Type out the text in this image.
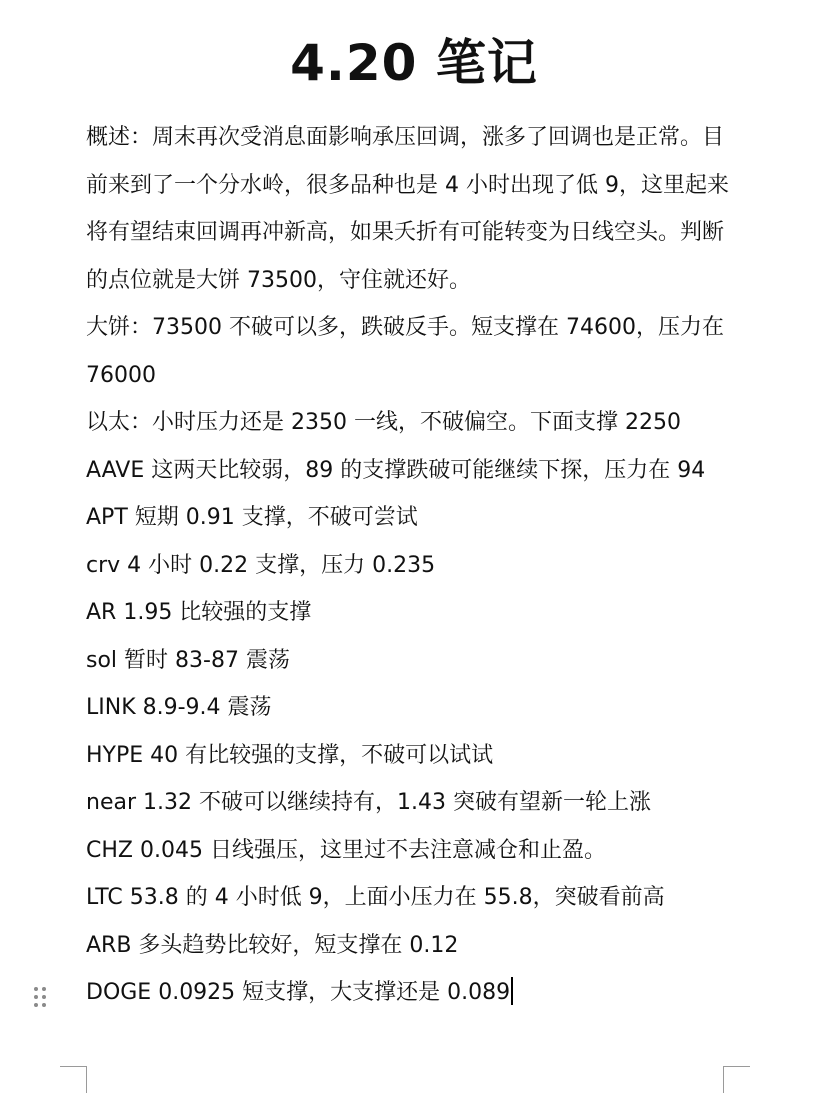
4.20 笔记

概述：周末再次受消息面影响承压回调，涨多了回调也是正常。目前来到了一个分水岭，很多品种也是 4 小时出现了低 9，这里起来将有望结束回调再冲新高，如果夭折有可能转变为日线空头。判断的点位就是大饼 73500，守住就还好。

大饼：73500 不破可以多，跌破反手。短支撑在 74600，压力在 76000

以太：小时压力还是 2350 一线，不破偏空。下面支撑 2250

AAVE 这两天比较弱，89 的支撑跌破可能继续下探，压力在 94

APT 短期 0.91 支撑，不破可尝试

crv 4 小时 0.22 支撑，压力 0.235

AR 1.95 比较强的支撑

sol 暂时 83-87 震荡

LINK 8.9-9.4 震荡

HYPE 40 有比较强的支撑，不破可以试试

near 1.32 不破可以继续持有，1.43 突破有望新一轮上涨

CHZ 0.045 日线强压，这里过不去注意减仓和止盈。

LTC 53.8 的 4 小时低 9，上面小压力在 55.8，突破看前高

ARB 多头趋势比较好，短支撑在 0.12

DOGE 0.0925 短支撑，大支撑还是 0.089
